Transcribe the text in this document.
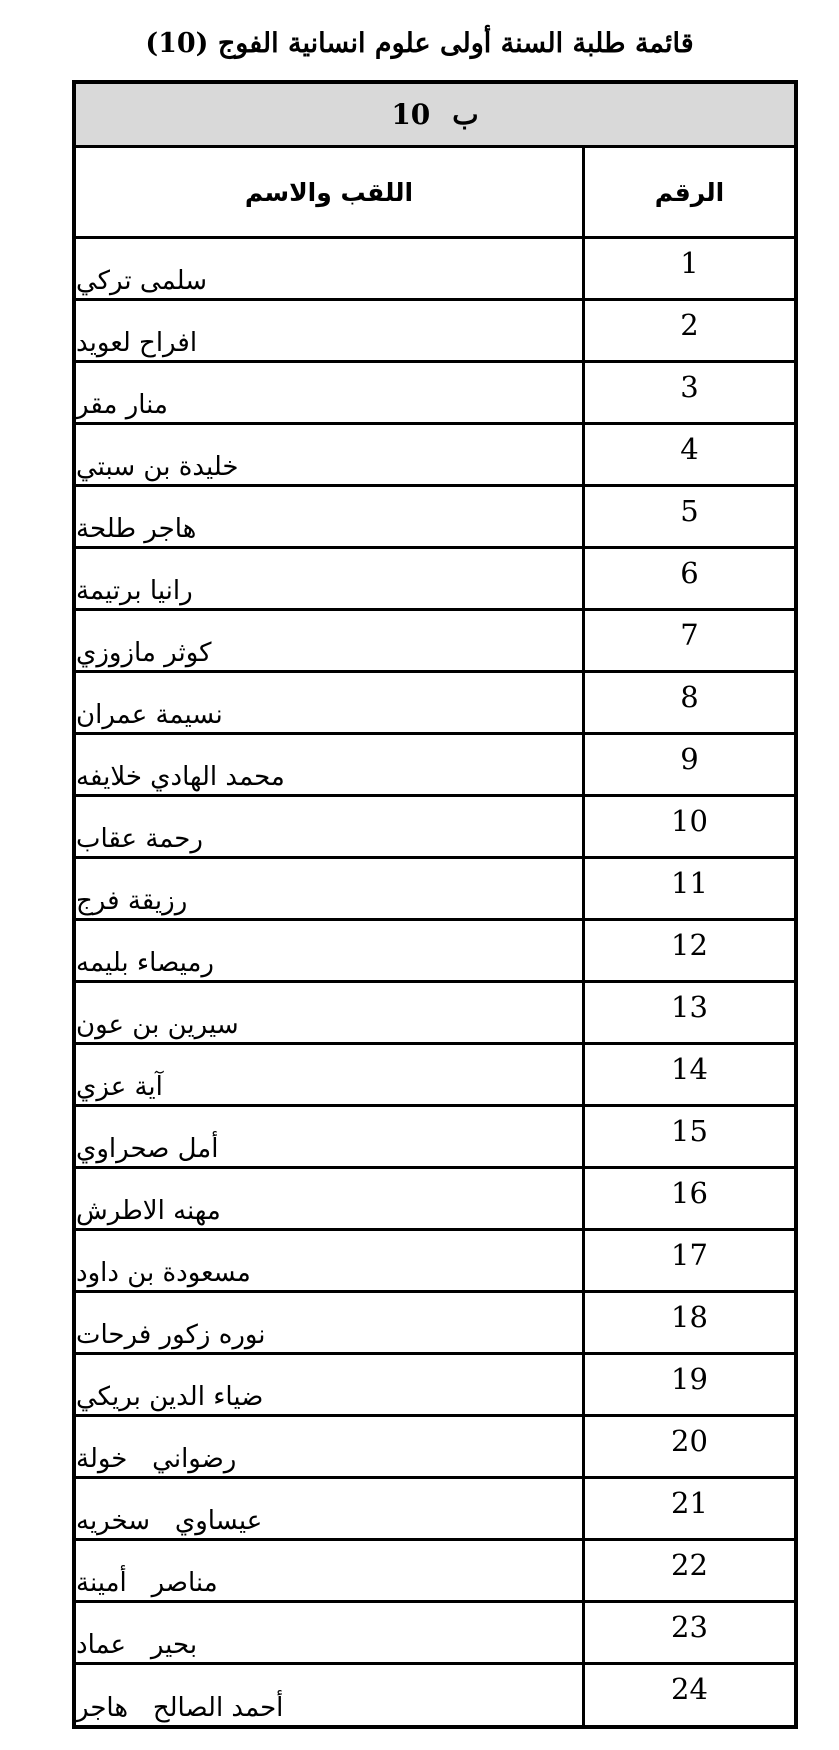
قائمة طلبة السنة أولى علوم انسانية الفوج (10)
10 ب
اللقب والاسم	الرقم
سلمى تركي
1
افراح لعويد
2
منار مقر
3
خليدة بن سبتي
4
هاجر طلحة
5
رانيا برتيمة
6
كوثر مازوزي
7
نسيمة عمران
8
محمد الهادي خلايفه
9
رحمة عقاب
10
رزيقة فرج
11
رميصاء بليمه
12
سيرين بن عون
13
آية عزي
14
أمل صحراوي
15
مهنه الاطرش
16
مسعودة بن داود
17
نوره زكور فرحات
18
ضياء الدين بريكي
19
رضواني   خولة
20
عيساوي   سخريه
21
مناصر   أمينة
22
بحير   عماد
23
أحمد الصالح   هاجر
24
